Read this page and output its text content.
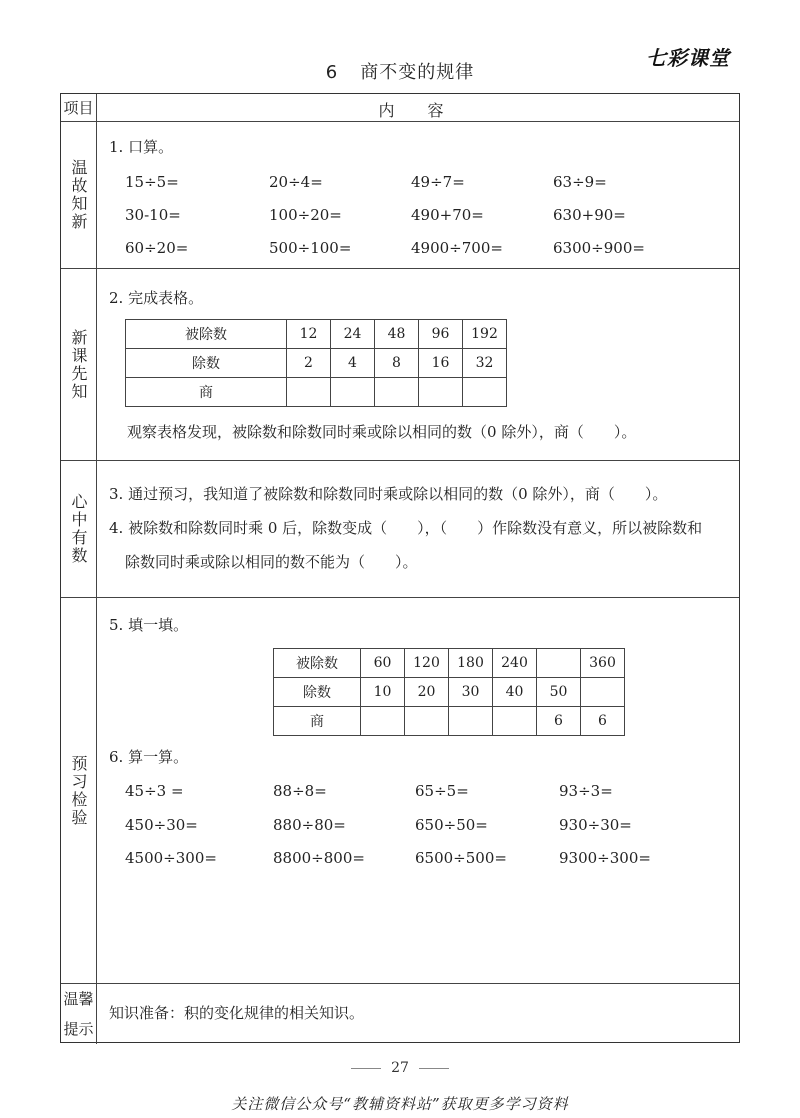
6 商不变的规律
七彩课堂
项目	内 容
温故知新
1. 口算。
15÷5=	20÷4=	49÷7=	63÷9=
30-10=	100÷20=	490+70=	630+90=
60÷20=	500÷100=	4900÷700=	6300÷900=
新课先知
2. 完成表格。
被除数	12	24	48	96	192
除数	2	4	8	16	32
商					
观察表格发现，被除数和除数同时乘或除以相同的数（0 除外），商（　　）。
心中有数 3. 通过预习，我知道了被除数和除数同时乘或除以相同的数（0 除外），商（　　）。
4. 被除数和除数同时乘 0 后，除数变成（　　），（　　）作除数没有意义，所以被除数和
除数同时乘或除以相同的数不能为（　　）。
预习检验
5. 填一填。
被除数	60	120	180	240		360
除数	10	20	30	40	50	
商					6	6
6. 算一算。
45÷3 =	88÷8=	65÷5=	93÷3=
450÷30=	880÷80=	650÷50=	930÷30=
4500÷300=	8800÷800=	6500÷500=	9300÷300=
温馨
提示
知识准备：积的变化规律的相关知识。
27
关注微信公众号“教辅资料站”获取更多学习资料
